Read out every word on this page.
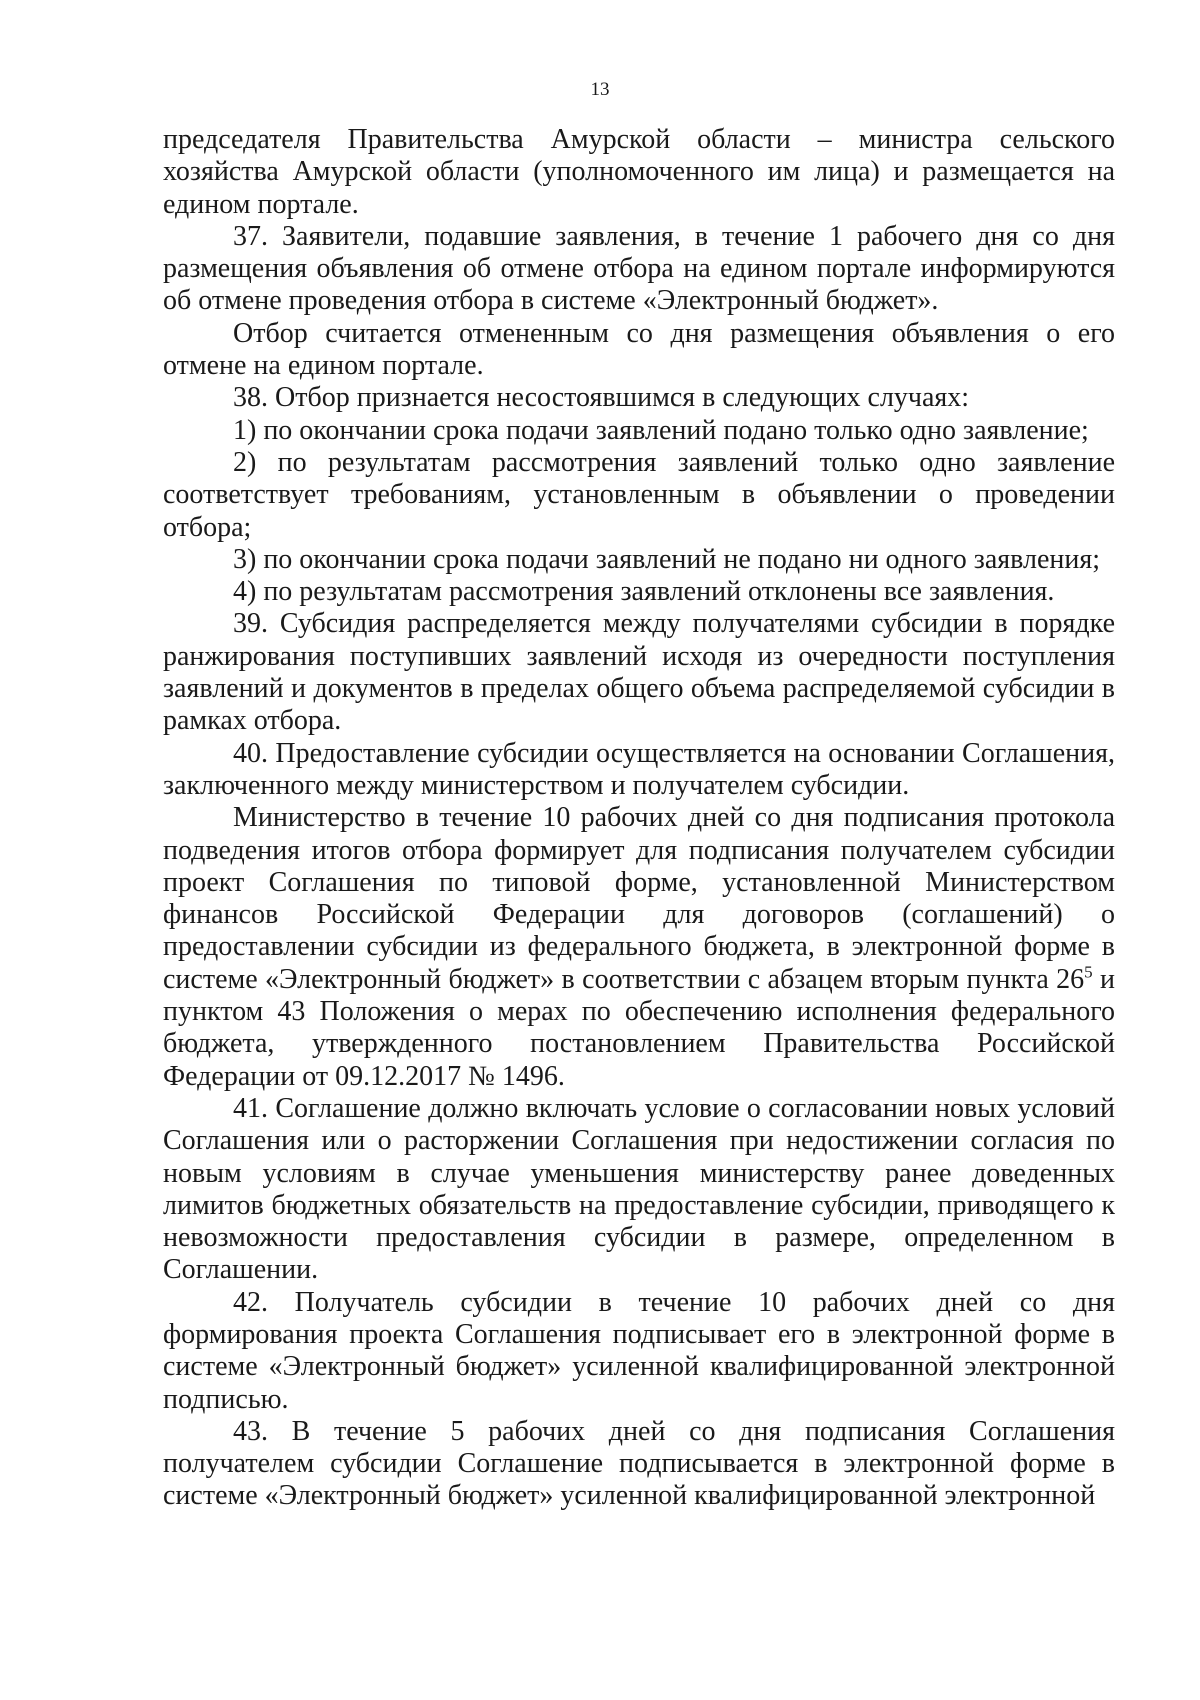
13

председателя Правительства Амурской области – министра сельского хозяйства Амурской области (уполномоченного им лица) и размещается на едином портале.

37. Заявители, подавшие заявления, в течение 1 рабочего дня со дня размещения объявления об отмене отбора на едином портале информируются об отмене проведения отбора в системе «Электронный бюджет».

Отбор считается отмененным со дня размещения объявления о его отмене на едином портале.

38. Отбор признается несостоявшимся в следующих случаях:

1) по окончании срока подачи заявлений подано только одно заявление;

2) по результатам рассмотрения заявлений только одно заявление соответствует требованиям, установленным в объявлении о проведении отбора;

3) по окончании срока подачи заявлений не подано ни одного заявления;

4) по результатам рассмотрения заявлений отклонены все заявления.

39. Субсидия распределяется между получателями субсидии в порядке ранжирования поступивших заявлений исходя из очередности поступления заявлений и документов в пределах общего объема распределяемой субсидии в рамках отбора.

40. Предоставление субсидии осуществляется на основании Соглашения, заключенного между министерством и получателем субсидии.

Министерство в течение 10 рабочих дней со дня подписания протокола подведения итогов отбора формирует для подписания получателем субсидии проект Соглашения по типовой форме, установленной Министерством финансов Российской Федерации для договоров (соглашений) о предоставлении субсидии из федерального бюджета, в электронной форме в системе «Электронный бюджет» в соответствии с абзацем вторым пункта $26^5$ и пунктом 43 Положения о мерах по обеспечению исполнения федерального бюджета, утвержденного постановлением Правительства Российской Федерации от 09.12.2017 № 1496.

41. Соглашение должно включать условие о согласовании новых условий Соглашения или о расторжении Соглашения при недостижении согласия по новым условиям в случае уменьшения министерству ранее доведенных лимитов бюджетных обязательств на предоставление субсидии, приводящего к невозможности предоставления субсидии в размере, определенном в Соглашении.

42. Получатель субсидии в течение 10 рабочих дней со дня формирования проекта Соглашения подписывает его в электронной форме в системе «Электронный бюджет» усиленной квалифицированной электронной подписью.

43. В течение 5 рабочих дней со дня подписания Соглашения получателем субсидии Соглашение подписывается в электронной форме в системе «Электронный бюджет» усиленной квалифицированной электронной
